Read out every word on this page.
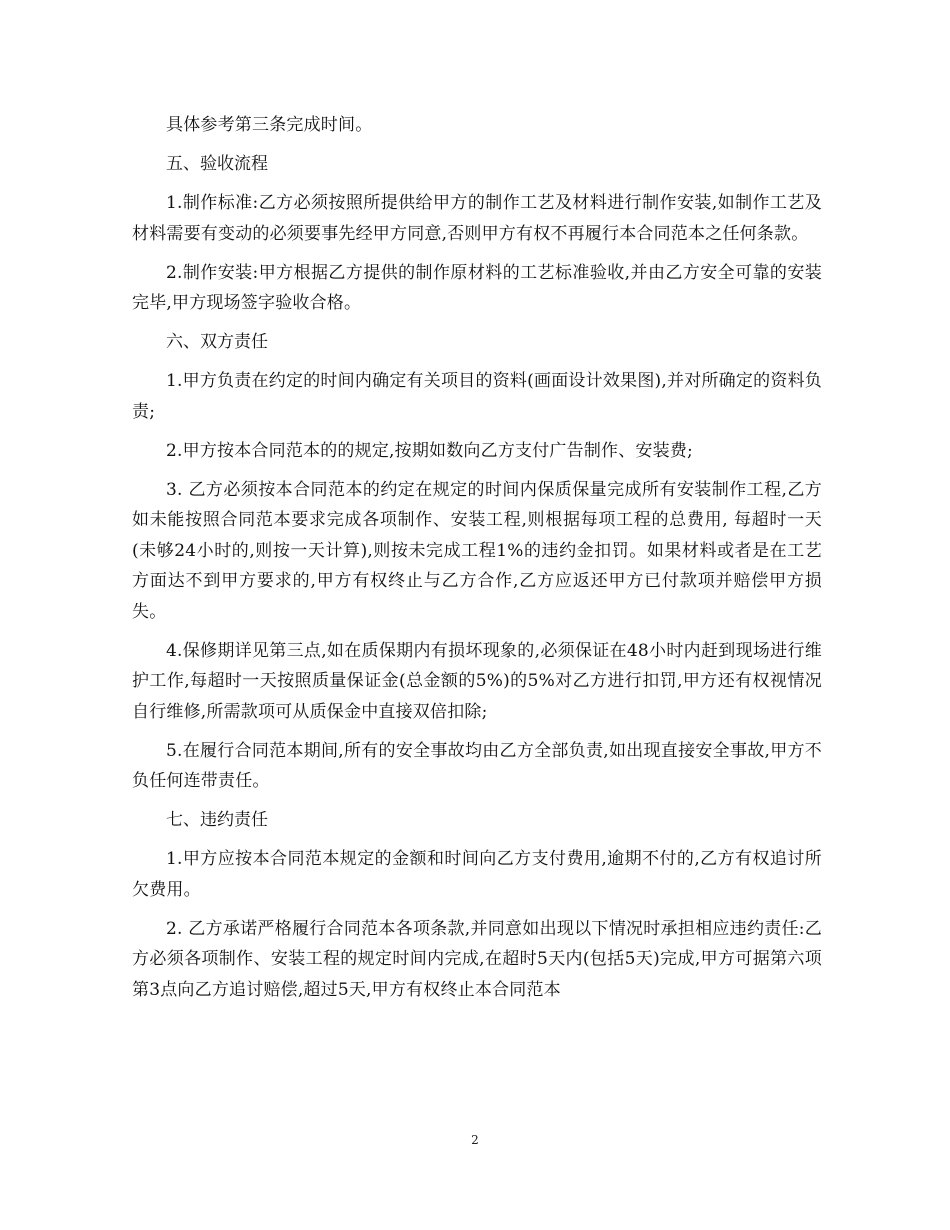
具体参考第三条完成时间。

五、验收流程

1.制作标准:乙方必须按照所提供给甲方的制作工艺及材料进行制作安装,如制作工艺及材料需要有变动的必须要事先经甲方同意,否则甲方有权不再履行本合同范本之任何条款。

2.制作安装:甲方根据乙方提供的制作原材料的工艺标准验收,并由乙方安全可靠的安装完毕,甲方现场签字验收合格。

六、双方责任

1.甲方负责在约定的时间内确定有关项目的资料(画面设计效果图),并对所确定的资料负责;

2.甲方按本合同范本的的规定,按期如数向乙方支付广告制作、安装费;

3. 乙方必须按本合同范本的约定在规定的时间内保质保量完成所有安装制作工程,乙方如未能按照合同范本要求完成各项制作、安装工程,则根据每项工程的总费用, 每超时一天(未够24小时的,则按一天计算),则按未完成工程1%的违约金扣罚。如果材料或者是在工艺方面达不到甲方要求的,甲方有权终止与乙方合作,乙方应返还甲方已付款项并赔偿甲方损失。

4.保修期详见第三点,如在质保期内有损坏现象的,必须保证在48小时内赶到现场进行维护工作,每超时一天按照质量保证金(总金额的5%)的5%对乙方进行扣罚,甲方还有权视情况自行维修,所需款项可从质保金中直接双倍扣除;

5.在履行合同范本期间,所有的安全事故均由乙方全部负责,如出现直接安全事故,甲方不负任何连带责任。

七、违约责任

1.甲方应按本合同范本规定的金额和时间向乙方支付费用,逾期不付的,乙方有权追讨所欠费用。

2. 乙方承诺严格履行合同范本各项条款,并同意如出现以下情况时承担相应违约责任:乙方必须各项制作、安装工程的规定时间内完成,在超时5天内(包括5天)完成,甲方可据第六项第3点向乙方追讨赔偿,超过5天,甲方有权终止本合同范本

2
